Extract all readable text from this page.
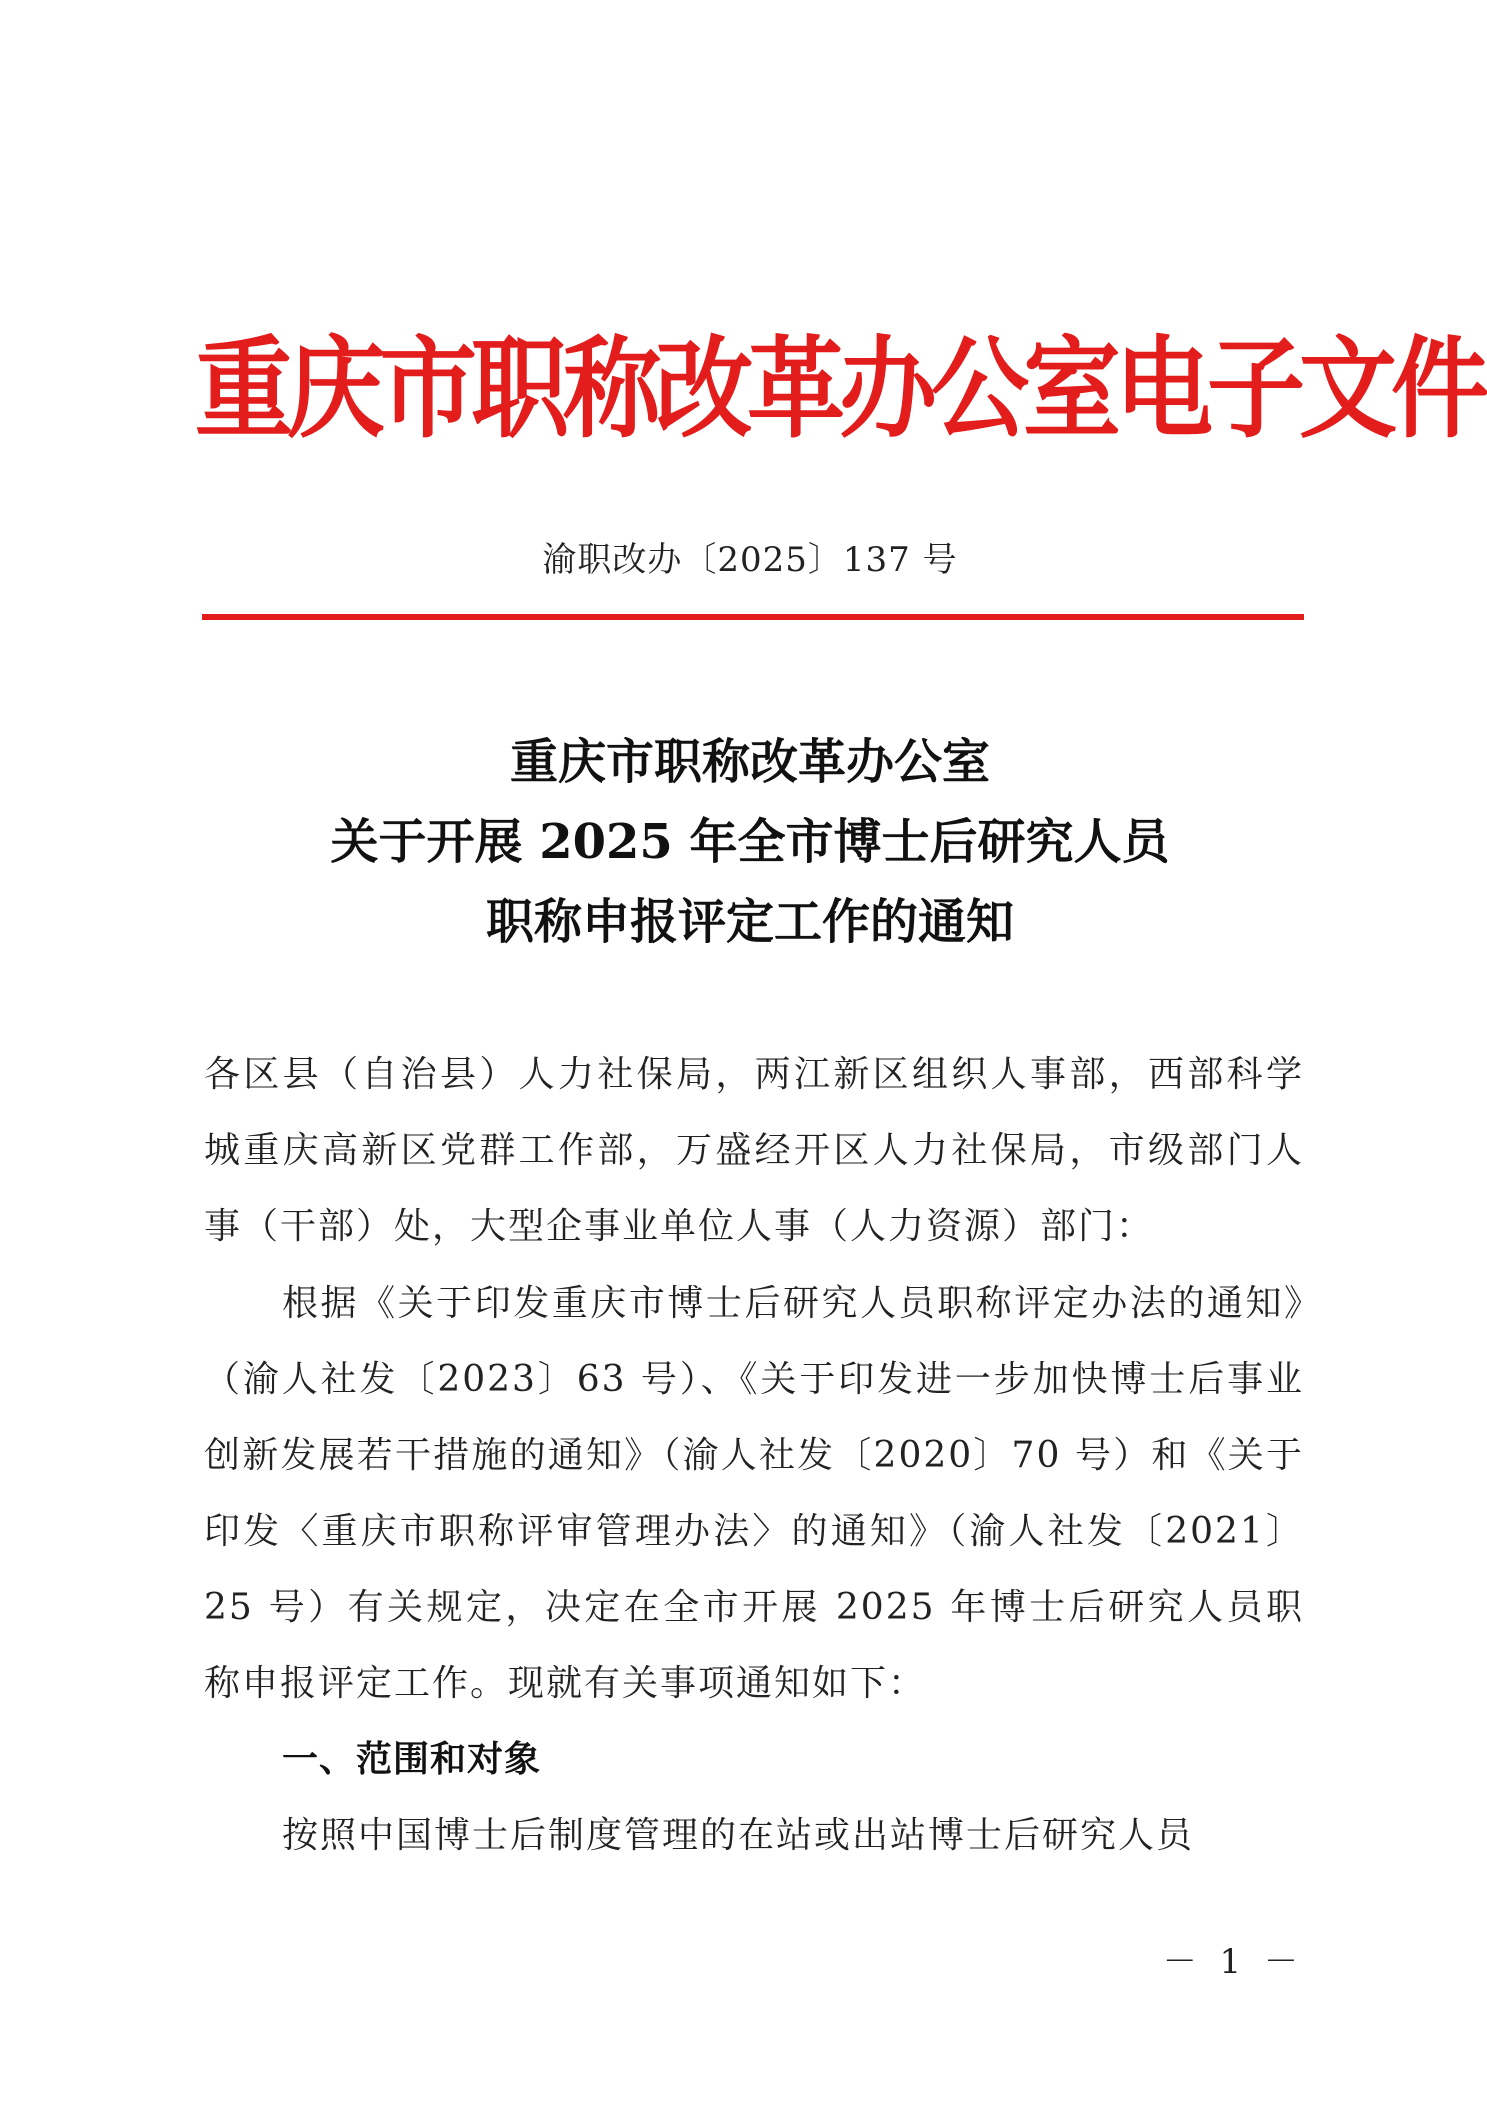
重庆市职称改革办公室电子文件
渝职改办〔2025〕137 号
重庆市职称改革办公室
关于开展 2025 年全市博士后研究人员
职称申报评定工作的通知
各区县（自治县）人力社保局，两江新区组织人事部，西部科学城重庆高新区党群工作部，万盛经开区人力社保局，市级部门人事（干部）处，大型企事业单位人事（人力资源）部门：
根据《关于印发重庆市博士后研究人员职称评定办法的通知》（渝人社发〔2023〕63 号）、《关于印发进一步加快博士后事业创新发展若干措施的通知》（渝人社发〔2020〕70 号）和《关于印发〈重庆市职称评审管理办法〉的通知》（渝人社发〔2021〕25 号）有关规定，决定在全市开展 2025 年博士后研究人员职称申报评定工作。现就有关事项通知如下：
一、范围和对象
按照中国博士后制度管理的在站或出站博士后研究人员
－ 1 －
